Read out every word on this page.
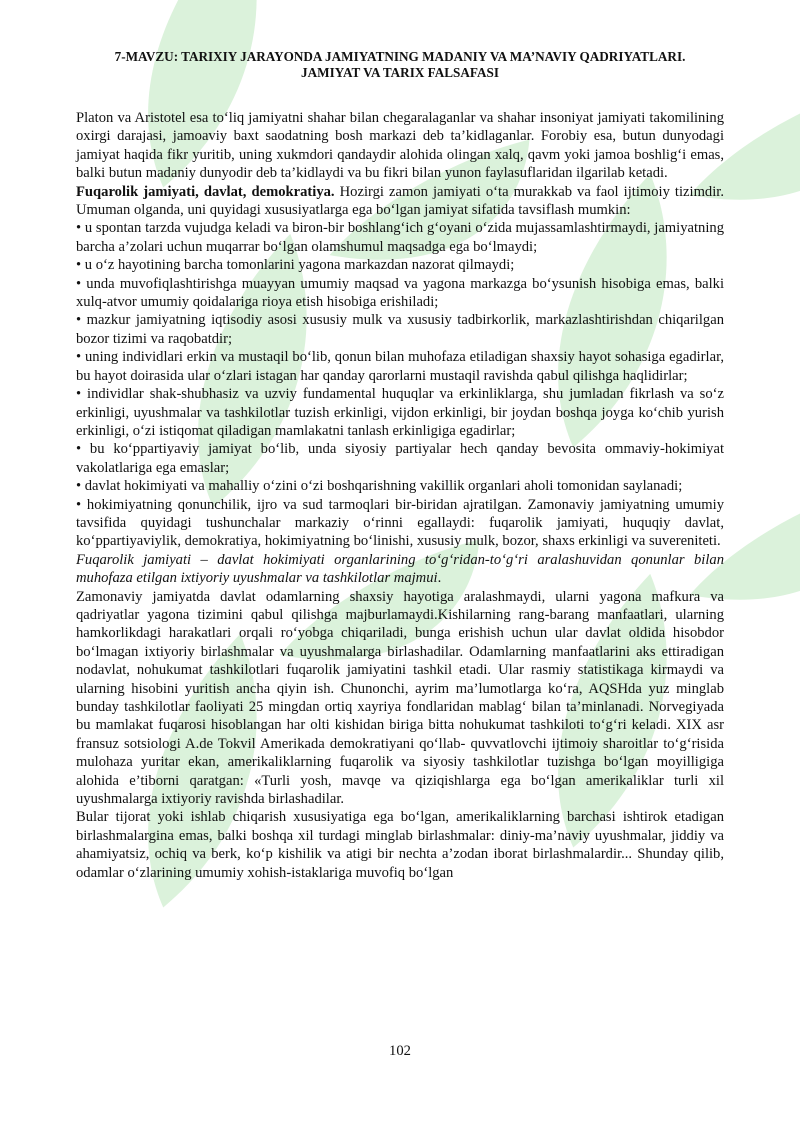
7-MAVZU: TARIXIY JARAYONDA JAMIYATNING MADANIY VA MA’NAVIY QADRIYATLARI.
JAMIYAT VA TARIX FALSAFASI

Platon va Aristotel esa to‘liq jamiyatni shahar bilan chegaralaganlar va shahar insoniyat jamiyati takomilining oxirgi darajasi, jamoaviy baxt saodatning bosh markazi deb ta’kidlaganlar. Forobiy esa, butun dunyodagi jamiyat haqida fikr yuritib, uning xukmdori qandaydir alohida olingan xalq, qavm yoki jamoa boshlig‘i emas, balki butun madaniy dunyodir deb ta’kidlaydi va bu fikri bilan yunon faylasuflaridan ilgarilab ketadi.

Fuqarolik jamiyati, davlat, demokratiya. Hozirgi zamon jamiyati o‘ta murakkab va faol ijtimoiy tizimdir. Umuman olganda, uni quyidagi xususiyatlarga ega bo‘lgan jamiyat sifatida tavsiflash mumkin:

• u spontan tarzda vujudga keladi va biron-bir boshlang‘ich g‘oyani o‘zida mujassamlashtirmaydi, jamiyatning barcha a’zolari uchun muqarrar bo‘lgan olamshumul maqsadga ega bo‘lmaydi;

• u o‘z hayotining barcha tomonlarini yagona markazdan nazorat qilmaydi;

• unda muvofiqlashtirishga muayyan umumiy maqsad va yagona markazga bo‘ysunish hisobiga emas, balki xulq-atvor umumiy qoidalariga rioya etish hisobiga erishiladi;

• mazkur jamiyatning iqtisodiy asosi xususiy mulk va xususiy tadbirkorlik, markazlashtirishdan chiqarilgan bozor tizimi va raqobatdir;

• uning individlari erkin va mustaqil bo‘lib, qonun bilan muhofaza etiladigan shaxsiy hayot sohasiga egadirlar, bu hayot doirasida ular o‘zlari istagan har qanday qarorlarni mustaqil ravishda qabul qilishga haqlidirlar;

• individlar shak-shubhasiz va uzviy fundamental huquqlar va erkinliklarga, shu jumladan fikrlash va so‘z erkinligi, uyushmalar va tashkilotlar tuzish erkinligi, vijdon erkinligi, bir joydan boshqa joyga ko‘chib yurish erkinligi, o‘zi istiqomat qiladigan mamlakatni tanlash erkinligiga egadirlar;

• bu ko‘ppartiyaviy jamiyat bo‘lib, unda siyosiy partiyalar hech qanday bevosita ommaviy-hokimiyat vakolatlariga ega emaslar;

• davlat hokimiyati va mahalliy o‘zini o‘zi boshqarishning vakillik organlari aholi tomonidan saylanadi;

• hokimiyatning qonunchilik, ijro va sud tarmoqlari bir-biridan ajratilgan. Zamonaviy jamiyatning umumiy tavsifida quyidagi tushunchalar markaziy o‘rinni egallaydi: fuqarolik jamiyati, huquqiy davlat, ko‘ppartiyaviylik, demokratiya, hokimiyatning bo‘linishi, xususiy mulk, bozor, shaxs erkinligi va suvereniteti.

Fuqarolik jamiyati – davlat hokimiyati organlarining to‘g‘ridan-to‘g‘ri aralashuvidan qonunlar bilan muhofaza etilgan ixtiyoriy uyushmalar va tashkilotlar majmui.

Zamonaviy jamiyatda davlat odamlarning shaxsiy hayotiga aralashmaydi, ularni yagona mafkura va qadriyatlar yagona tizimini qabul qilishga majburlamaydi.Kishilarning rang-barang manfaatlari, ularning hamkorlikdagi harakatlari orqali ro‘yobga chiqariladi, bunga erishish uchun ular davlat oldida hisobdor bo‘lmagan ixtiyoriy birlashmalar va uyushmalarga birlashadilar. Odamlarning manfaatlarini aks ettiradigan nodavlat, nohukumat tashkilotlari fuqarolik jamiyatini tashkil etadi. Ular rasmiy statistikaga kirmaydi va ularning hisobini yuritish ancha qiyin ish. Chunonchi, ayrim ma’lumotlarga ko‘ra, AQSHda yuz minglab bunday tashkilotlar faoliyati 25 mingdan ortiq xayriya fondlaridan mablag‘ bilan ta’minlanadi. Norvegiyada bu mamlakat fuqarosi hisoblangan har olti kishidan biriga bitta nohukumat tashkiloti to‘g‘ri keladi. XIX asr fransuz sotsiologi A.de Tokvil Amerikada demokratiyani qo‘llab- quvvatlovchi ijtimoiy sharoitlar to‘g‘risida mulohaza yuritar ekan, amerikaliklarning fuqarolik va siyosiy tashkilotlar tuzishga bo‘lgan moyilligiga alohida e’tiborni qaratgan: «Turli yosh, mavqe va qiziqishlarga ega bo‘lgan amerikaliklar turli xil uyushmalarga ixtiyoriy ravishda birlashadilar.

Bular tijorat yoki ishlab chiqarish xususiyatiga ega bo‘lgan, amerikaliklarning barchasi ishtirok etadigan birlashmalargina emas, balki boshqa xil turdagi minglab birlashmalar: diniy-ma’naviy uyushmalar, jiddiy va ahamiyatsiz, ochiq va berk, ko‘p kishilik va atigi bir nechta a’zodan iborat birlashmalardir... Shunday qilib, odamlar o‘zlarining umumiy xohish-istaklariga muvofiq bo‘lgan

102
